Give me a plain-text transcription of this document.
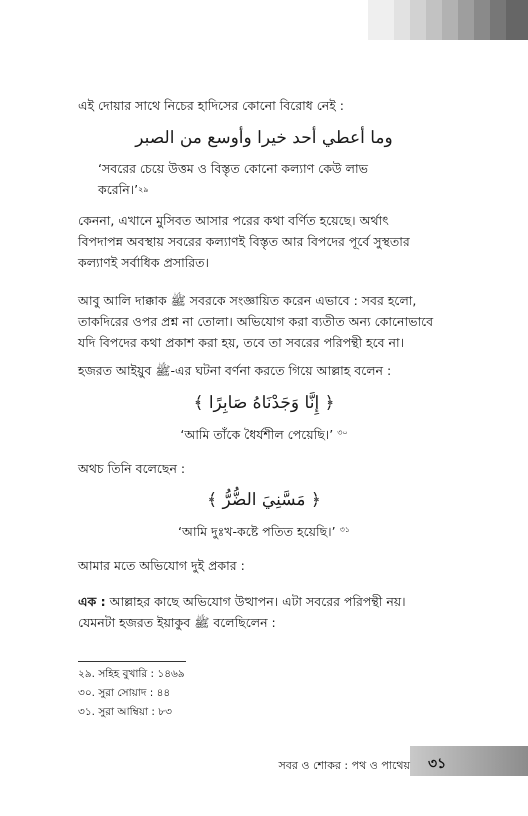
এই দোয়ার সাথে নিচের হাদিসের কোনো বিরোধ নেই :

وما أعطي أحد خيرا وأوسع من الصبر

‘সবরের চেয়ে উত্তম ও বিস্তৃত কোনো কল্যাণ কেউ লাভ
করেনি।’$^{২৯}$

কেননা, এখানে মুসিবত আসার পরের কথা বর্ণিত হয়েছে। অর্থাৎ
বিপদাপন্ন অবস্থায় সবরের কল্যাণই বিস্তৃত আর বিপদের পূর্বে সুস্থতার
কল্যাণই সর্বাধিক প্রসারিত।

আবু আলি দাক্কাক ﷺ সবরকে সংজ্ঞায়িত করেন এভাবে : সবর হলো,
তাকদিরের ওপর প্রশ্ন না তোলা। অভিযোগ করা ব্যতীত অন্য কোনোভাবে
যদি বিপদের কথা প্রকাশ করা হয়, তবে তা সবরের পরিপন্থী হবে না।

হজরত আইয়ুব ﷺ-এর ঘটনা বর্ণনা করতে গিয়ে আল্লাহ বলেন :

﴿ إِنَّا وَجَدْنَاهُ صَابِرًا ﴾

‘আমি তাঁকে ধৈর্যশীল পেয়েছি।’ $^{৩০}$

অথচ তিনি বলেছেন :

﴿ مَسَّنِيَ الضُّرُّ ﴾

‘আমি দুঃখ-কষ্টে পতিত হয়েছি।’ $^{৩১}$

আমার মতে অভিযোগ দুই প্রকার :

এক : আল্লাহর কাছে অভিযোগ উত্থাপন। এটা সবরের পরিপন্থী নয়।
যেমনটা হজরত ইয়াকুব ﷺ বলেছিলেন :

২৯. সহিহ বুখারি : ১৪৬৯

৩০. সুরা সোয়াদ : ৪৪

৩১. সুরা আম্বিয়া : ৮৩

সবর ও শোকর : পথ ও পাথেয় ৩১
